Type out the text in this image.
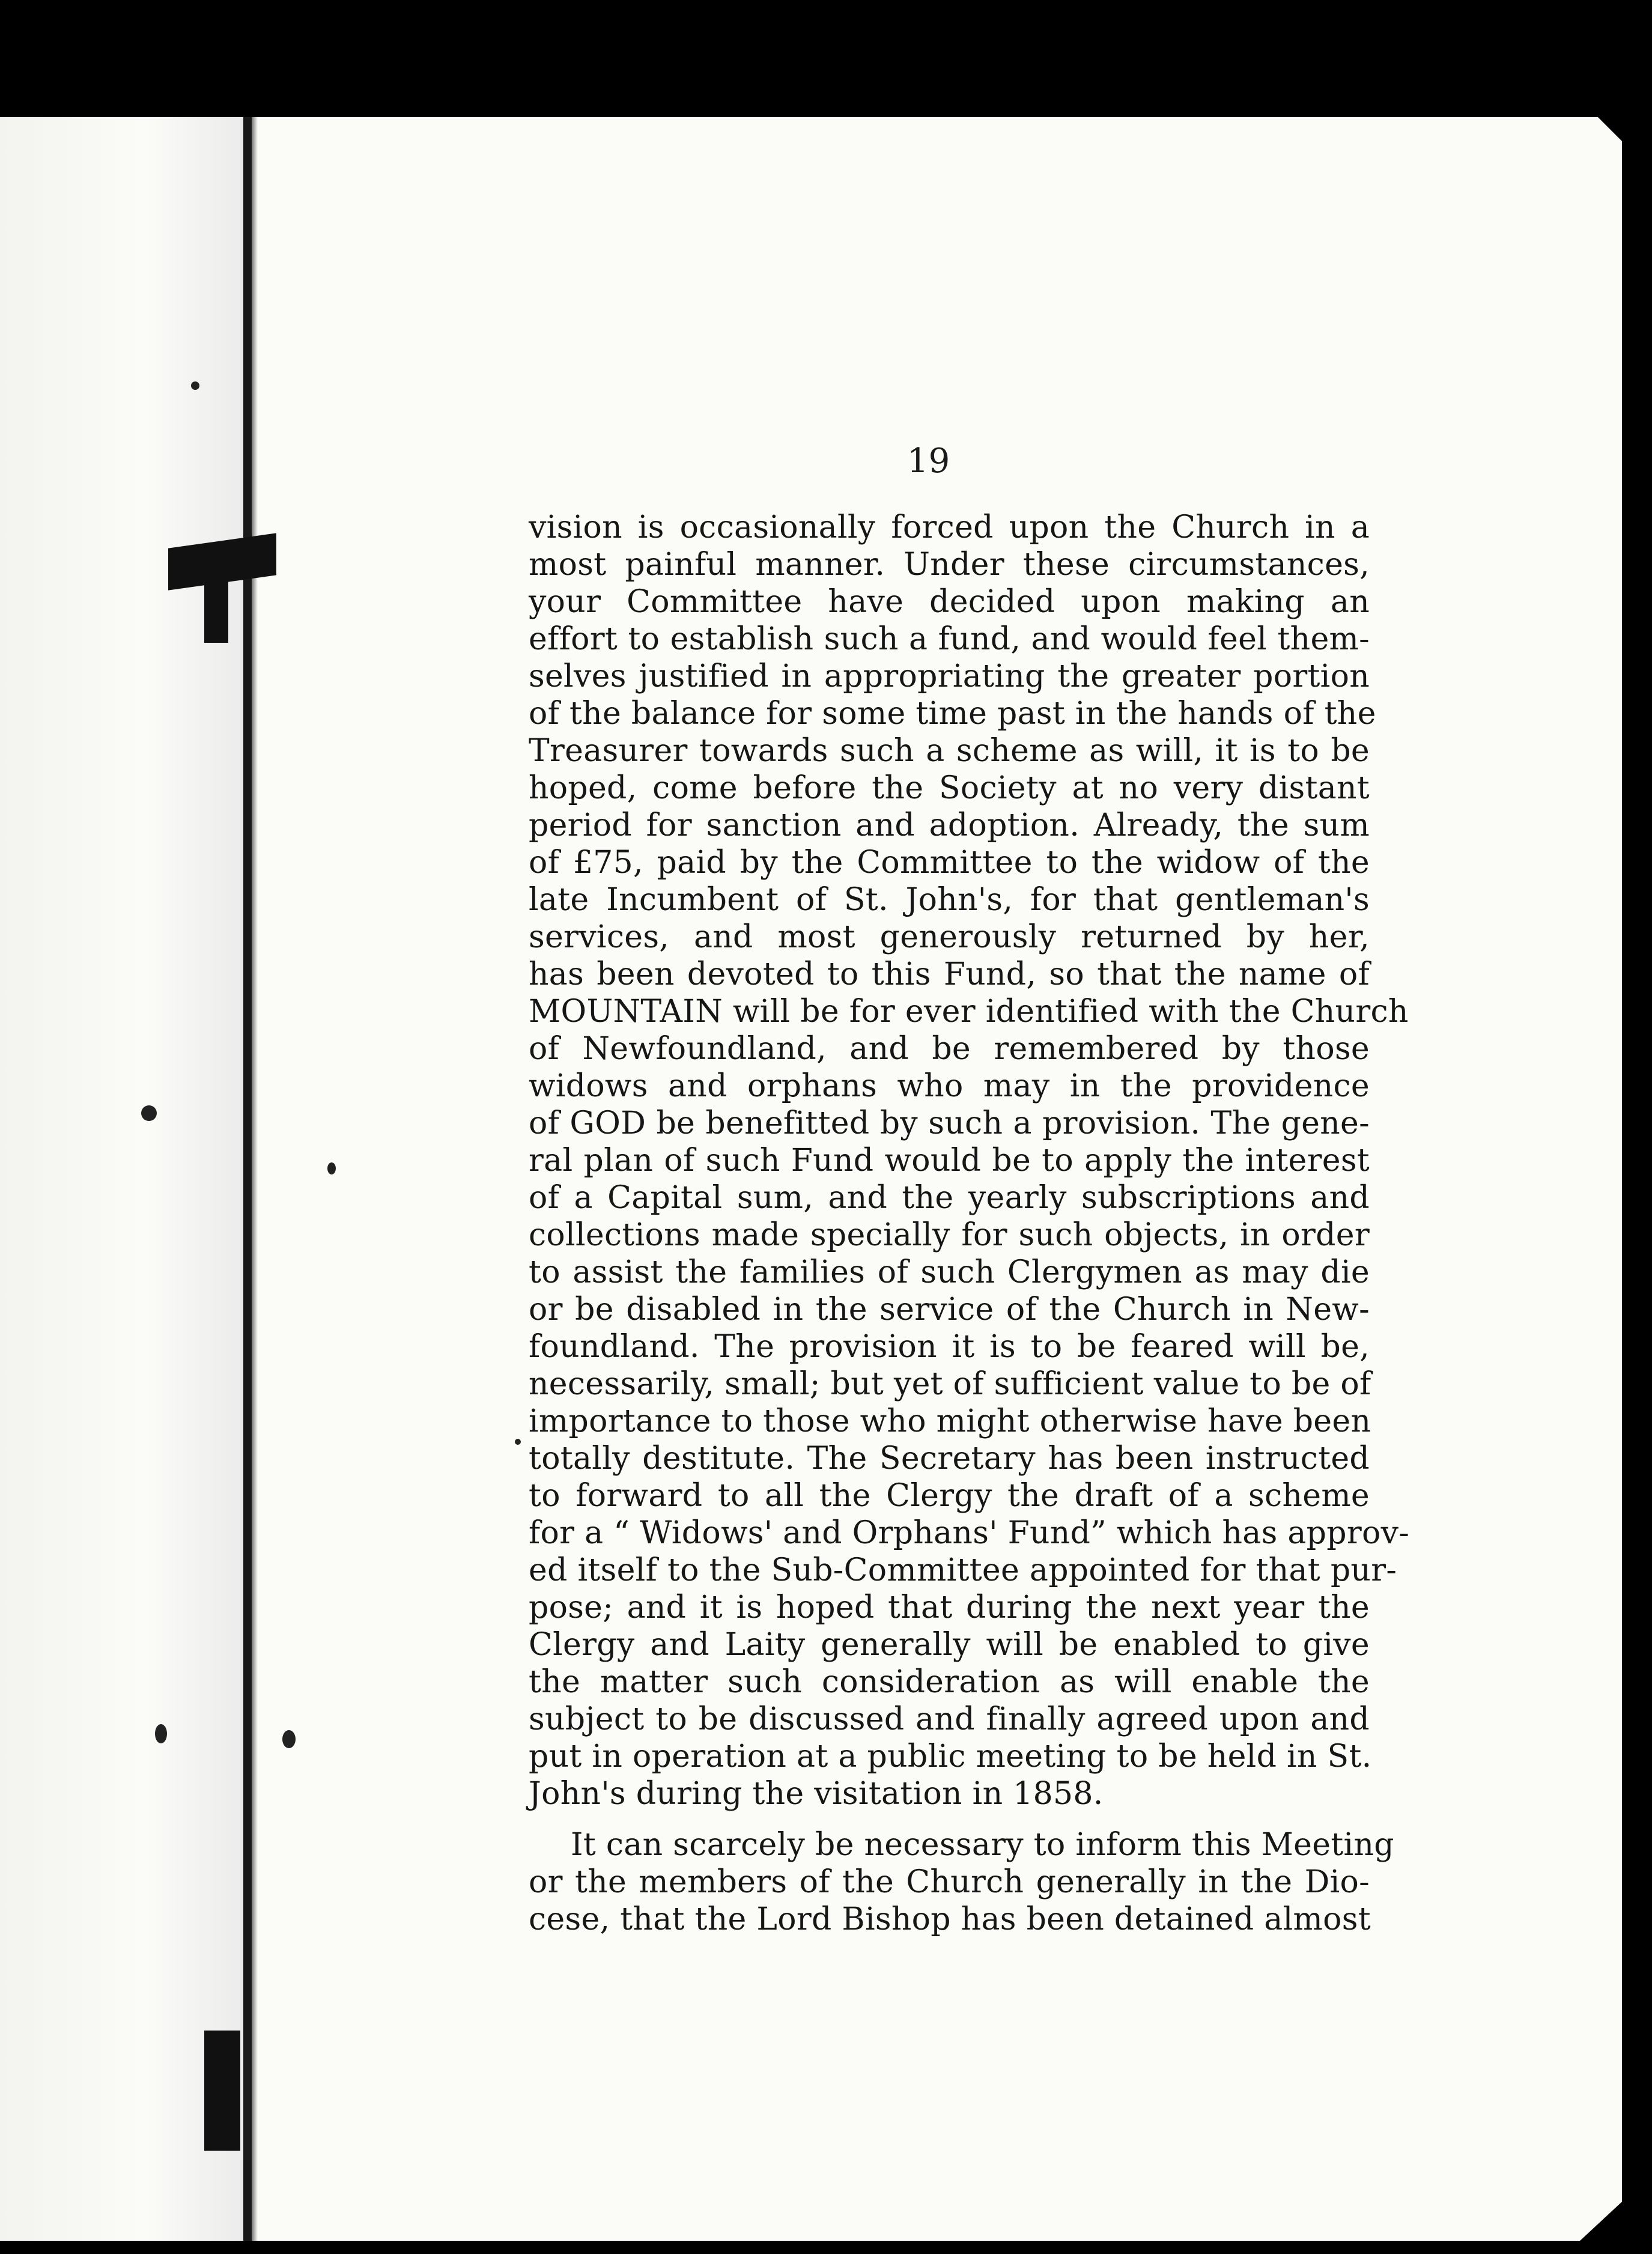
19
vision is occasionally forced upon the Church in a
most painful manner. Under these circumstances,
your Committee have decided upon making an
effort to establish such a fund, and would feel them-
selves justified in appropriating the greater portion
of the balance for some time past in the hands of the
Treasurer towards such a scheme as will, it is to be
hoped, come before the Society at no very distant
period for sanction and adoption. Already, the sum
of £75, paid by the Committee to the widow of the
late Incumbent of St. John's, for that gentleman's
services, and most generously returned by her,
has been devoted to this Fund, so that the name of
MOUNTAIN will be for ever identified with the Church
of Newfoundland, and be remembered by those
widows and orphans who may in the providence
of GOD be benefitted by such a provision. The gene-
ral plan of such Fund would be to apply the interest
of a Capital sum, and the yearly subscriptions and
collections made specially for such objects, in order
to assist the families of such Clergymen as may die
or be disabled in the service of the Church in New-
foundland. The provision it is to be feared will be,
necessarily, small; but yet of sufficient value to be of
importance to those who might otherwise have been
totally destitute. The Secretary has been instructed
to forward to all the Clergy the draft of a scheme
for a “ Widows' and Orphans' Fund” which has approv-
ed itself to the Sub-Committee appointed for that pur-
pose; and it is hoped that during the next year the
Clergy and Laity generally will be enabled to give
the matter such consideration as will enable the
subject to be discussed and finally agreed upon and
put in operation at a public meeting to be held in St.
John's during the visitation in 1858.
It can scarcely be necessary to inform this Meeting
or the members of the Church generally in the Dio-
cese, that the Lord Bishop has been detained almost
